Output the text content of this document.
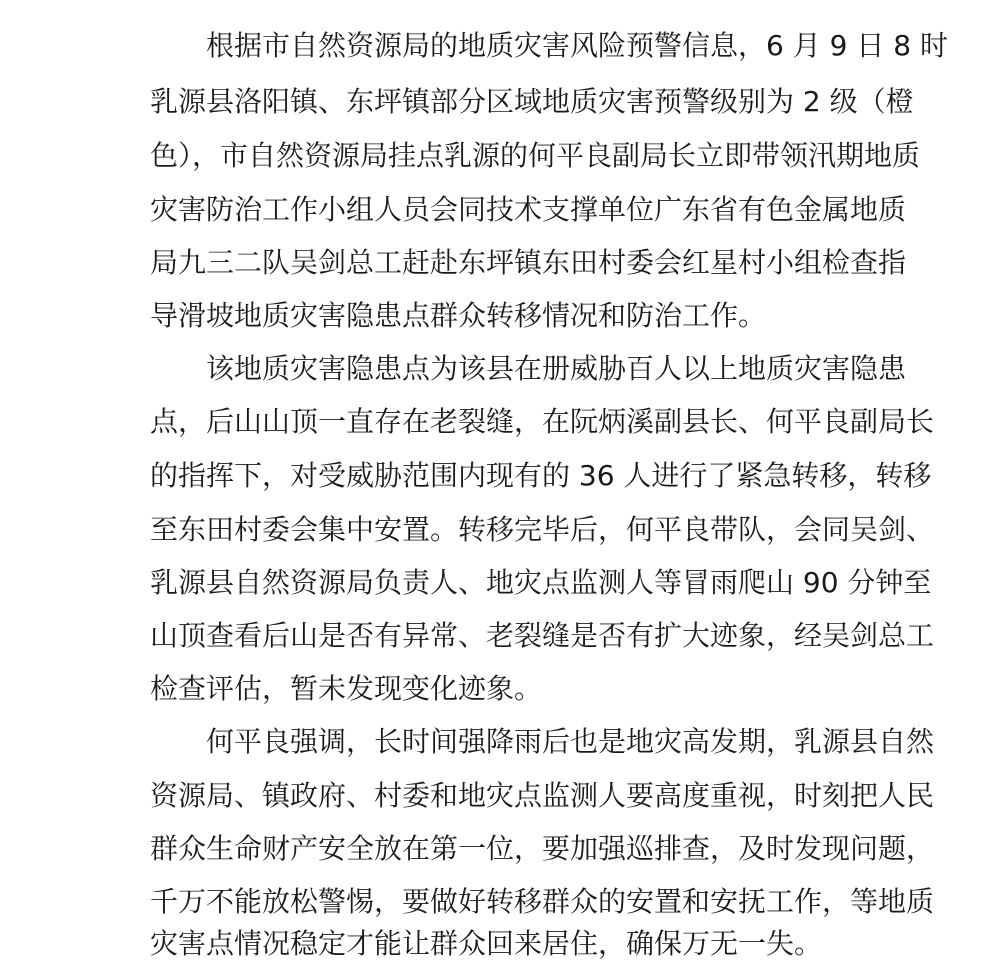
根据市自然资源局的地质灾害风险预警信息，6 月 9 日 8 时
乳源县洛阳镇、东坪镇部分区域地质灾害预警级别为 2 级（橙
色），市自然资源局挂点乳源的何平良副局长立即带领汛期地质
灾害防治工作小组人员会同技术支撑单位广东省有色金属地质
局九三二队吴剑总工赶赴东坪镇东田村委会红星村小组检查指
导滑坡地质灾害隐患点群众转移情况和防治工作。
该地质灾害隐患点为该县在册威胁百人以上地质灾害隐患
点，后山山顶一直存在老裂缝，在阮炳溪副县长、何平良副局长
的指挥下，对受威胁范围内现有的 36 人进行了紧急转移，转移
至东田村委会集中安置。转移完毕后，何平良带队，会同吴剑、
乳源县自然资源局负责人、地灾点监测人等冒雨爬山 90 分钟至
山顶查看后山是否有异常、老裂缝是否有扩大迹象，经吴剑总工
检查评估，暂未发现变化迹象。
何平良强调，长时间强降雨后也是地灾高发期，乳源县自然
资源局、镇政府、村委和地灾点监测人要高度重视，时刻把人民
群众生命财产安全放在第一位，要加强巡排查，及时发现问题，
千万不能放松警惕，要做好转移群众的安置和安抚工作，等地质
灾害点情况稳定才能让群众回来居住，确保万无一失。
